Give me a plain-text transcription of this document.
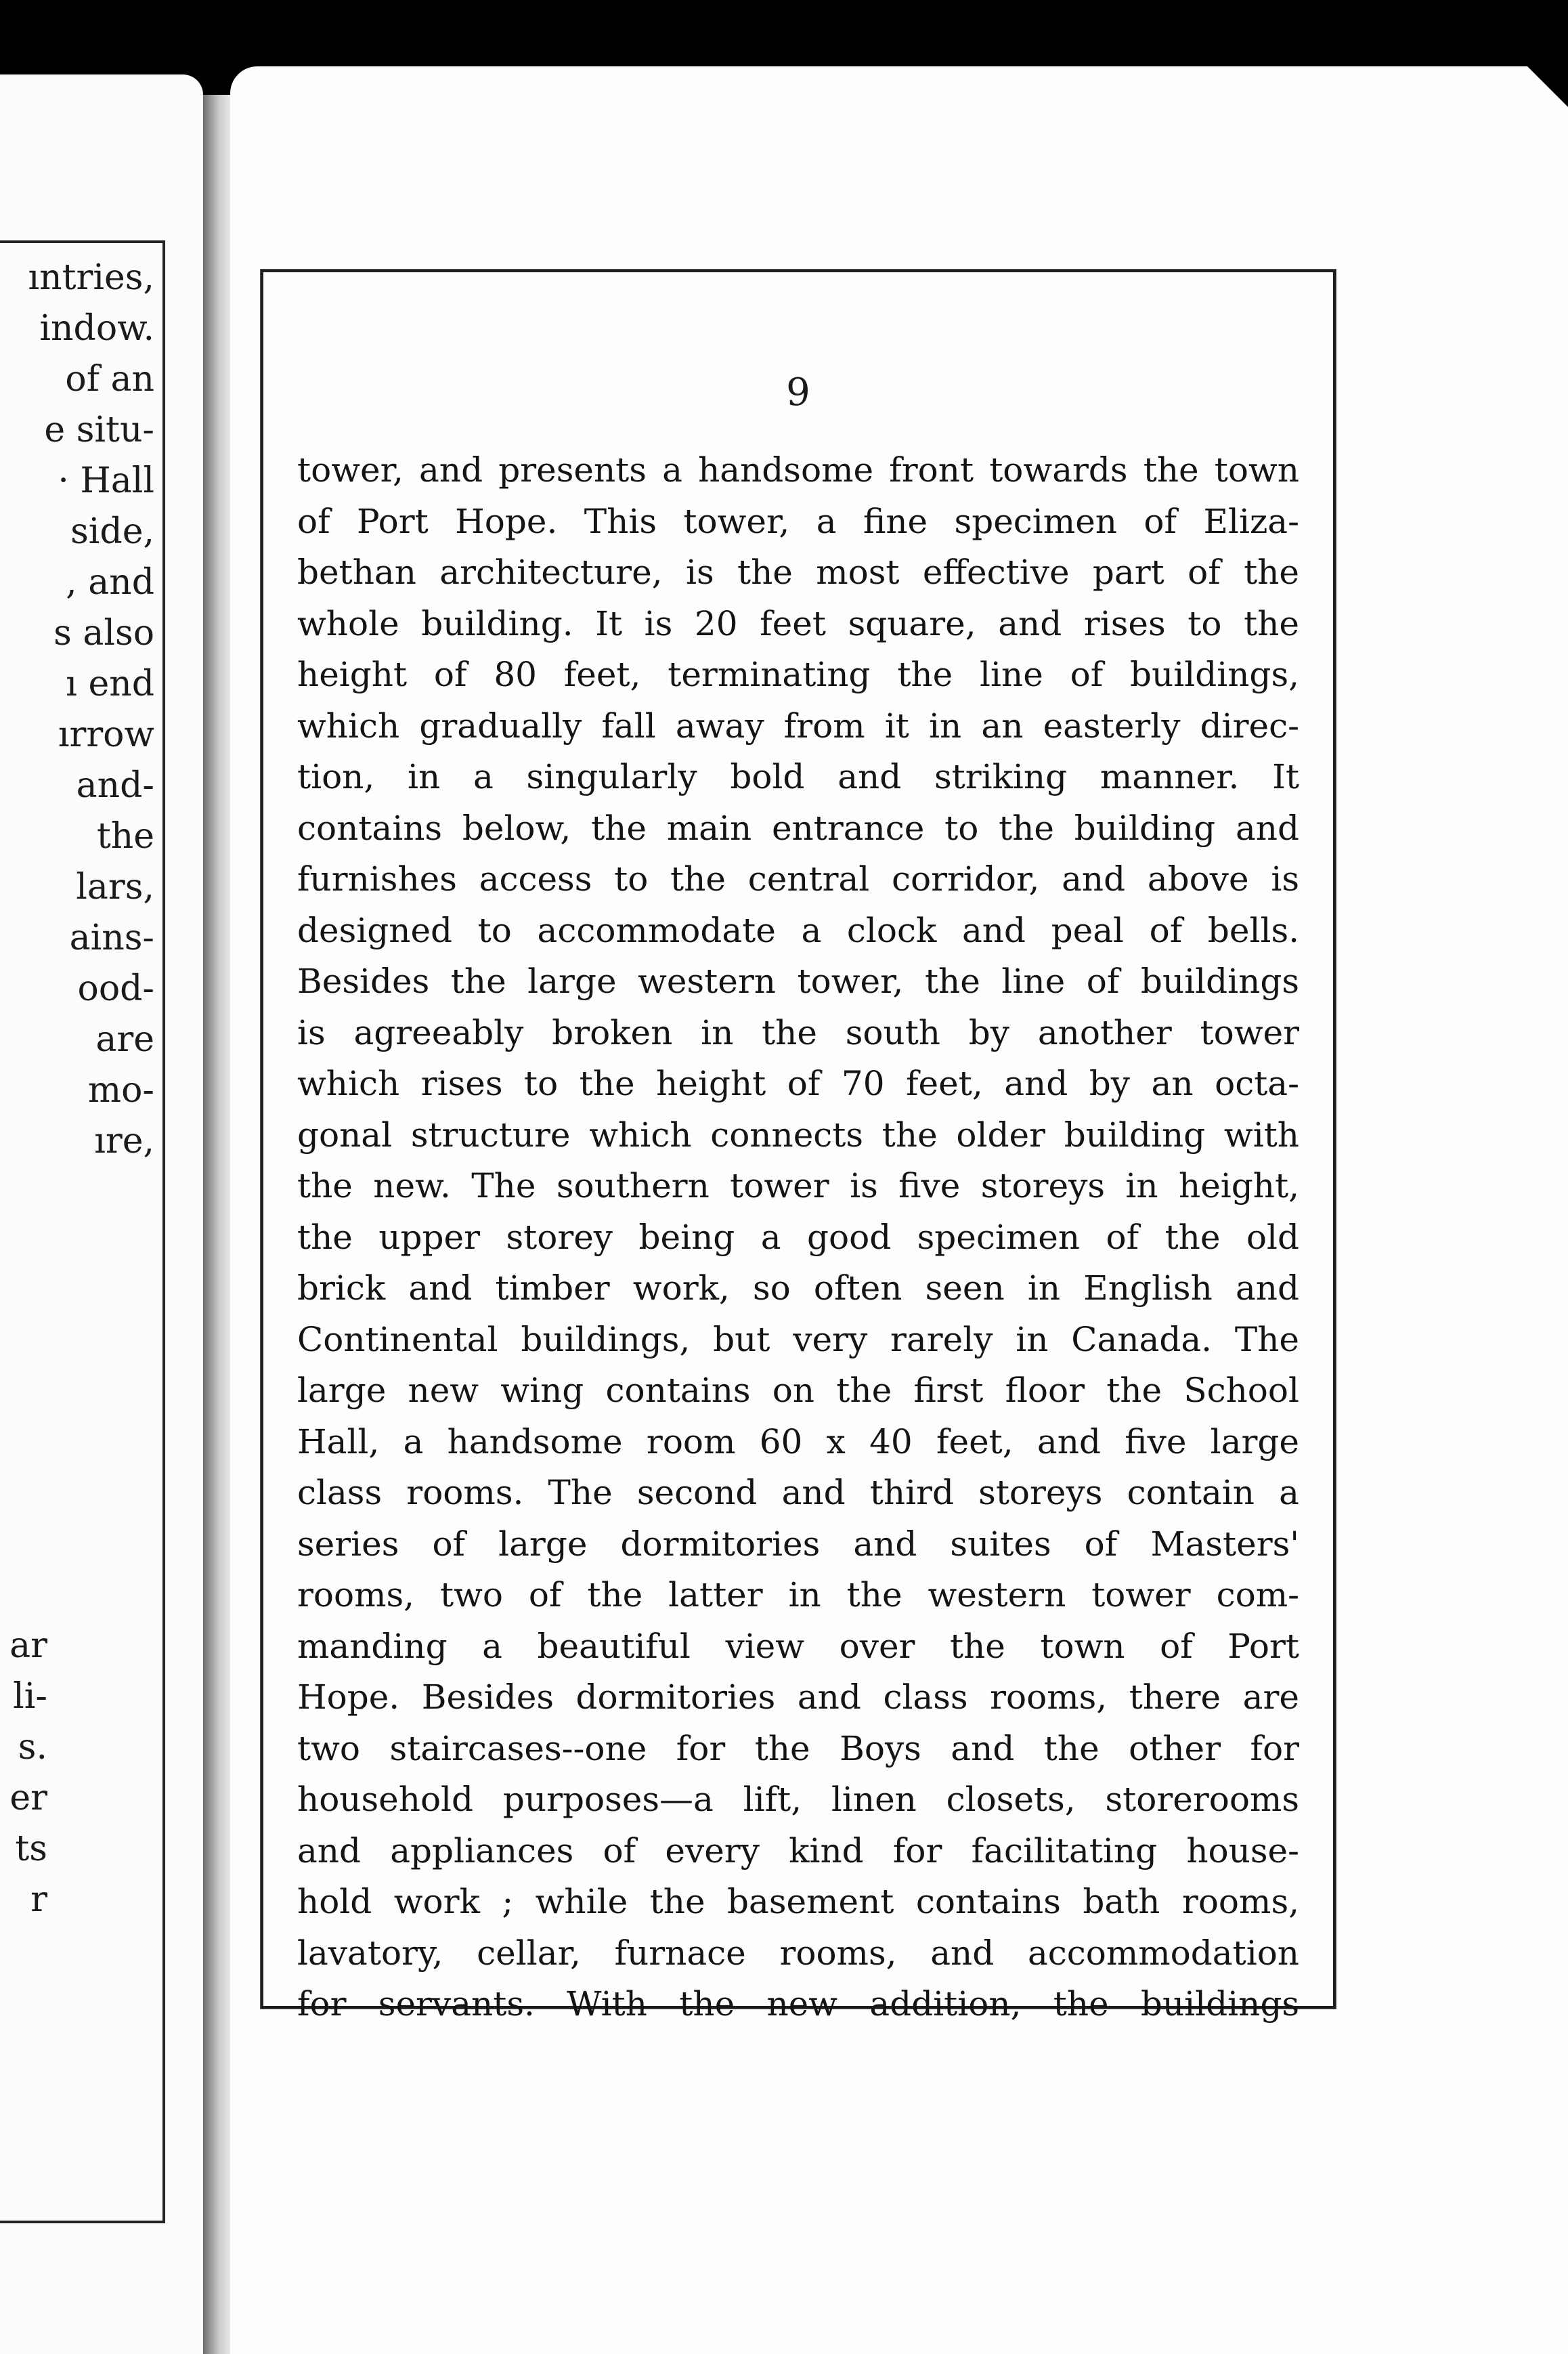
ıntries,
indow.
of an
e situ-
· Hall
side,
, and
s also
ı end
ırrow
and-
the
lars,
ains-
ood-
are
mo-
ıre,
ar
li-
s.
er
ts
r
9
tower, and presents a handsome front towards the town
of Port Hope. This tower, a fine specimen of Eliza-
bethan architecture, is the most effective part of the
whole building. It is 20 feet square, and rises to the
height of 80 feet, terminating the line of buildings,
which gradually fall away from it in an easterly direc-
tion, in a singularly bold and striking manner. It
contains below, the main entrance to the building and
furnishes access to the central corridor, and above is
designed to accommodate a clock and peal of bells.
Besides the large western tower, the line of buildings
is agreeably broken in the south by another tower
which rises to the height of 70 feet, and by an octa-
gonal structure which connects the older building with
the new. The southern tower is five storeys in height,
the upper storey being a good specimen of the old
brick and timber work, so often seen in English and
Continental buildings, but very rarely in Canada. The
large new wing contains on the first floor the School
Hall, a handsome room 60 x 40 feet, and five large
class rooms. The second and third storeys contain a
series of large dormitories and suites of Masters'
rooms, two of the latter in the western tower com-
manding a beautiful view over the town of Port
Hope. Besides dormitories and class rooms, there are
two staircases--one for the Boys and the other for
household purposes—a lift, linen closets, storerooms
and appliances of every kind for facilitating house-
hold work ; while the basement contains bath rooms,
lavatory, cellar, furnace rooms, and accommodation
for servants. With the new addition, the buildings
